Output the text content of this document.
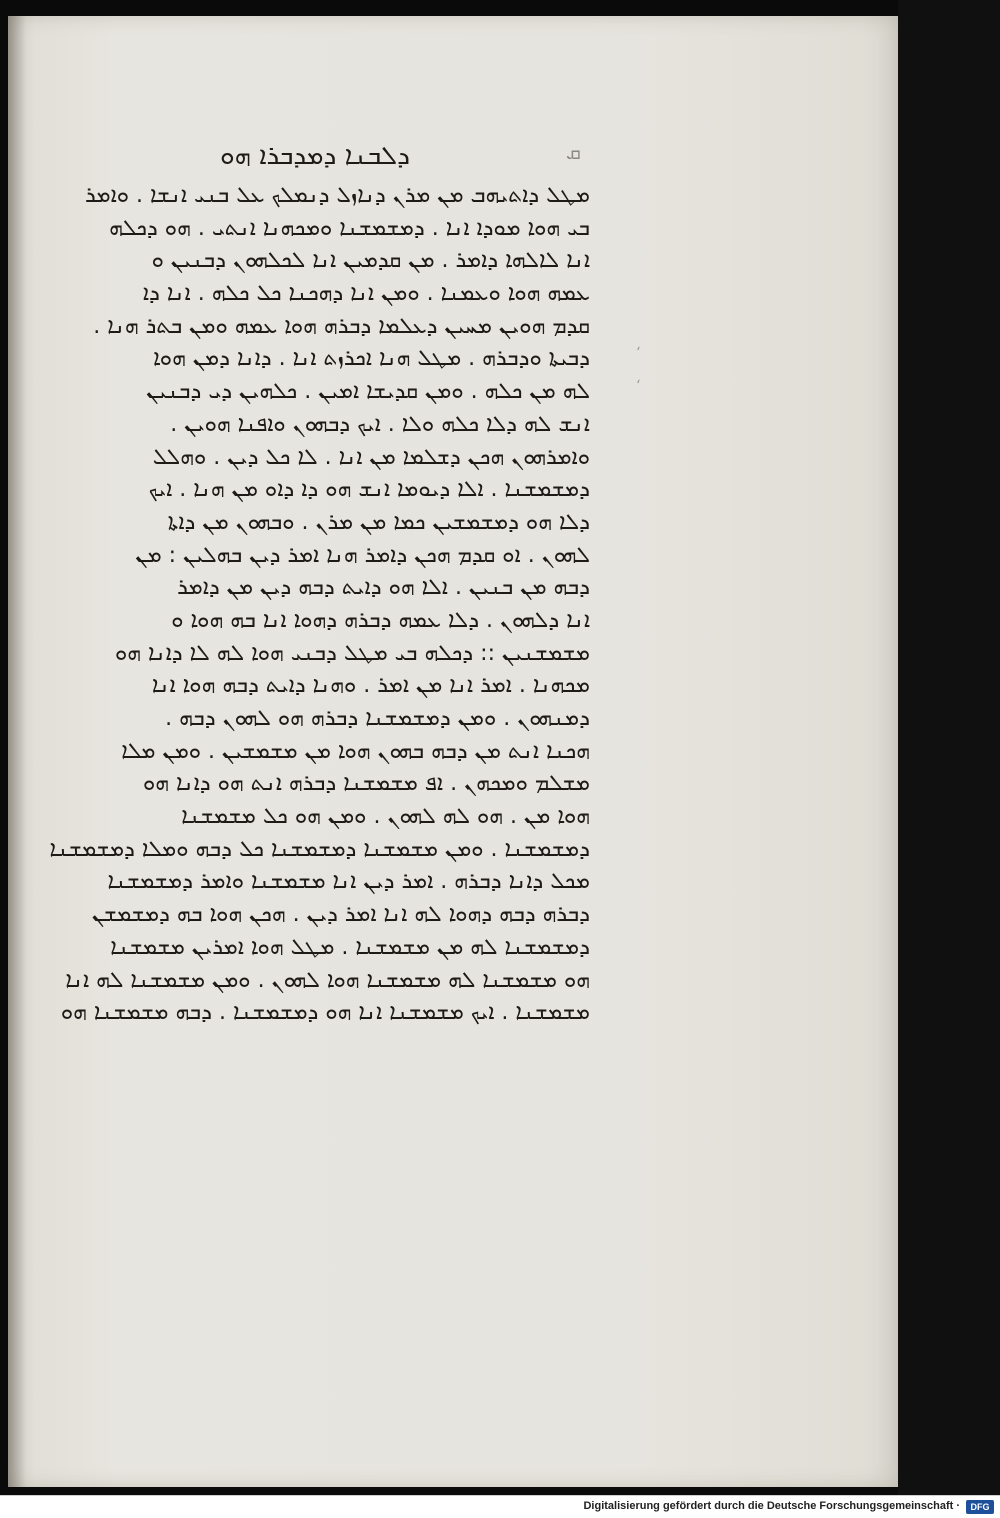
ܩ
ܕܠܒܢܐ ܕܡܕܒܪܐ ܗܘ
ܡܛܠ ܕܐܬܝܗܒ ܡܢ ܡܪܢ ܕܢܐܙܠ ܕܢܡܠܟ ܥܠ ܒܢܝ ܐܢܫܐ . ܘܐܡܪ
ܒܝ ܗܘܐ ܡܘܕܐ ܐܢܐ . ܕܡܫܡܫܢܐ ܘܡܟܗܢܐ ܐܢܬܝ . ܗܘ ܕܟܠܗ
ܐܢܐ ܠܐܠܗܐ ܕܐܡܪ . ܡܢ ܩܕܡܝܢ ܐܢܐ ܠܟܠܗܘܢ ܕܒܢܝܢ ܘ
ܥܡܗ ܗܘܐ ܘܥܡܢܐ . ܘܡܢ ܐܢܐ ܕܗܟܢܐ ܟܠ ܟܠܗ . ܐܢܐ ܕܐ
ܩܕܡ ܗܘܝܢ ܡܚܝܢ ܕܥܠܡܐ ܕܒܪܗ ܗܘܐ ܥܡܗ ܘܡܢ ܒܬܪ ܗܢܐ .
ܕܒܝܬܐ ܘܕܒܪܗ . ܡܛܠ ܗܢܐ ܐܟܪܙܬ ܐܢܐ . ܕܐܢܐ ܕܡܢ ܗܘܐ
ܠܗ ܡܢ ܟܠܗ . ܘܡܢ ܩܕܝܫܐ ܐܡܝܢ . ܟܠܗܝܢ ܕܝ ܕܒܢܝܢ
ܐܢܫ ܠܗ ܕܠܐ ܟܠܗ ܘܠܐ . ܐܝܟ ܕܒܗܘܢ ܘܐܦܢܐ ܗܘܝܢ .
ܘܐܡܪܗܘܢ ܗܟܢ ܕܫܠܡܐ ܡܢ ܐܢܐ . ܠܐ ܟܠ ܕܝܢ . ܘܗܠܠ
ܕܡܫܡܫܢܐ . ܐܠܐ ܕܝܘܡܐ ܐܢܫ ܗܘ ܕܐ ܕܐܘ ܡܢ ܗܢܐ . ܐܝܟ
ܕܠܐ ܗܘ ܕܡܫܡܫܝܢ ܟܡܐ ܡܢ ܡܪܢ . ܘܒܗܘܢ ܡܢ ܕܐܬܐ
ܠܗܘܢ . ܐܘ ܩܕܡ ܗܟܢ ܕܐܡܪ ܗܢܐ ܐܡܪ ܕܝܢ ܒܗܠܝܢ : ܡܢ
ܕܒܗ ܡܢ ܒܢܝܢ . ܐܠܐ ܗܘ ܕܐܝܬ ܕܒܗ ܕܝܢ ܡܢ ܕܐܡܪ
ܐܢܐ ܕܠܗܘܢ . ܕܠܐ ܥܡܗ ܕܒܪܗ ܕܗܘܐ ܐܢܐ ܒܗ ܗܘܐ ܘ
ܡܫܡܫܢܝܢ :: ܕܟܠܗ ܒܝ ܡܛܠ ܕܒܢܝ ܗܘܐ ܠܗ ܠܐ ܕܐܢܐ ܗܘ
ܡܟܗܢܐ . ܐܡܪ ܐܢܐ ܡܢ ܐܡܪ . ܘܗܢܐ ܕܐܝܬ ܕܒܗ ܗܘܐ ܐܢܐ
ܕܡܢܗܘܢ . ܘܡܢ ܕܡܫܡܫܢܐ ܕܒܪܗ ܗܘ ܠܗܘܢ ܕܒܗ .
ܗܟܢܐ ܐܢܬ ܡܢ ܕܒܗ ܒܗܘܢ ܗܘܐ ܡܢ ܡܫܡܫܝܢ . ܘܡܢ ܡܠܐ
ܡܫܠܡ ܘܡܟܗܢ . ܐܦ ܡܫܡܫܢܐ ܕܒܪܗ ܐܢܬ ܗܘ ܕܐܢܐ ܗܘ
ܗܘܐ ܡܢ . ܗܘ ܠܗ ܠܗܘܢ . ܘܡܢ ܗܘ ܟܠ ܡܫܡܫܢܐ
ܕܡܫܡܫܢܐ . ܘܡܢ ܡܫܡܫܢܐ ܕܡܫܡܫܢܐ ܟܠ ܕܒܗ ܘܡܠܐ ܕܡܫܡܫܢܐ
ܡܟܠ ܕܐܢܐ ܕܒܪܗ . ܐܡܪ ܕܝܢ ܐܢܐ ܡܫܡܫܢܐ ܘܐܡܪ ܕܡܫܡܫܢܐ
ܕܒܪܗ ܕܒܗ ܕܗܘܐ ܠܗ ܐܢܐ ܐܡܪ ܕܝܢ . ܗܟܢ ܗܘܐ ܒܗ ܕܡܫܡܫܢ
ܕܡܫܡܫܢܐ ܠܗ ܡܢ ܡܫܡܫܢܐ . ܡܛܠ ܗܘܐ ܐܡܪܝܢ ܡܫܡܫܢܐ
ܗܘ ܡܫܡܫܢܐ ܠܗ ܡܫܡܫܢܐ ܗܘܐ ܠܗܘܢ . ܘܡܢ ܡܫܡܫܢܐ ܠܗ ܐܢܐ
ܡܫܡܫܢܐ . ܐܝܟ ܡܫܡܫܢܐ ܐܢܐ ܗܘ ܕܡܫܡܫܢܐ . ܕܒܗ ܡܫܡܫܢܐ ܗܘ
ʻ
ʻ
Digitalisierung gefördert durch die Deutsche Forschungsgemeinschaft ·	DFG
